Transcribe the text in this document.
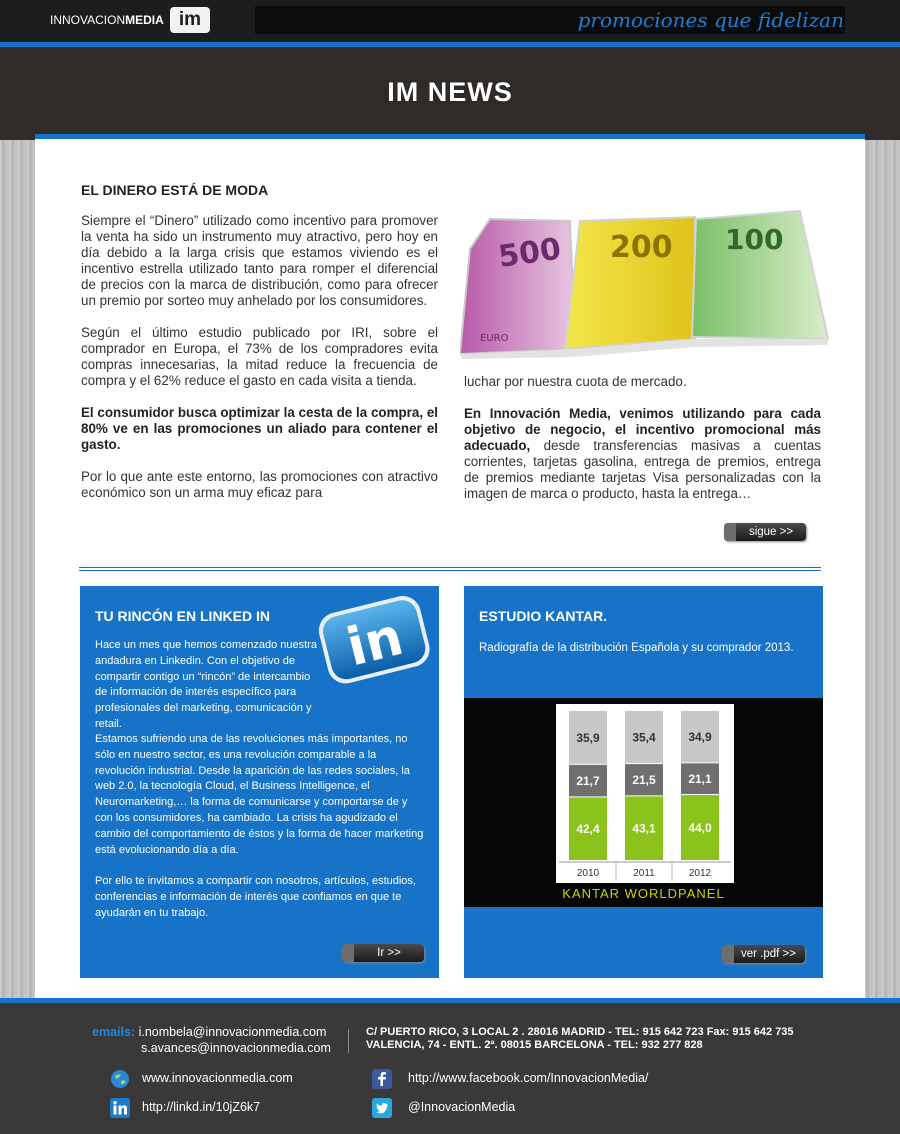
INNOVACIONMEDIA im	promociones que fidelizan
IM NEWS
EL DINERO ESTÁ DE MODA

Siempre el “Dinero” utilizado como incentivo para promover la venta ha sido un instrumento muy atractivo, pero hoy en día debido a la larga crisis que estamos viviendo es el incentivo estrella utilizado tanto para romper el diferencial de precios con la marca de distribución, como para ofrecer un premio por sorteo muy anhelado por los consumidores.

Según el último estudio publicado por IRI, sobre el comprador en Europa, el 73% de los compradores evita compras innecesarias, la mitad reduce la frecuencia de compra y el 62% reduce el gasto en cada visita a tienda.

El consumidor busca optimizar la cesta de la compra, el 80% ve en las promociones un aliado para contener el gasto.

Por lo que ante este entorno, las promociones con atractivo económico son un arma muy eficaz para

500 200 100
EURO

luchar por nuestra cuota de mercado.

En Innovación Media, venimos utilizando para cada objetivo de negocio, el incentivo promocional más adecuado, desde transferencias masivas a cuentas corrientes, tarjetas gasolina, entrega de premios, entrega de premios mediante tarjetas Visa personalizadas con la imagen de marca o producto, hasta la entrega…

sigue >>
TU RINCÓN EN LINKED IN in
Hace un mes que hemos comenzado nuestra andadura en Linkedin. Con el objetivo de compartir contigo un “rincón” de intercambio de información de interés específico para profesionales del marketing, comunicación y retail.

Estamos sufriendo una de las revoluciones más importantes, no sólo en nuestro sector, es una revolución comparable a la revolución industrial. Desde la aparición de las redes sociales, la web 2.0, la tecnología Cloud, el Business Intelligence, el Neuromarketing,… la forma de comunicarse y comportarse de y con los consumidores, ha cambiado. La crisis ha agudizado el cambio del comportamiento de éstos y la forma de hacer marketing está evolucionando día a día.

Por ello te invitamos a compartir con nosotros, artículos, estudios, conferencias e información de interés que confiamos en que te ayudarán en tu trabajo.

Ir >>
ESTUDIO KANTAR.
Radiografía de la distribución Española y su comprador 2013.
42,4
21,7
35,9
2010
43,1
21,5
35,4
2011
44,0
21,1
34,9
2012
KANTAR WORLDPANEL
ver .pdf >>
emails: i.nombela@innovacionmedia.com
s.avances@innovacionmedia.com
C/ PUERTO RICO, 3 LOCAL 2 . 28016 MADRID - TEL: 915 642 723 Fax: 915 642 735
VALENCIA, 74 - ENTL. 2ª. 08015 BARCELONA - TEL: 932 277 828
www.innovacionmedia.com	http://www.facebook.com/InnovacionMedia/
http://linkd.in/10jZ6k7	@InnovacionMedia
